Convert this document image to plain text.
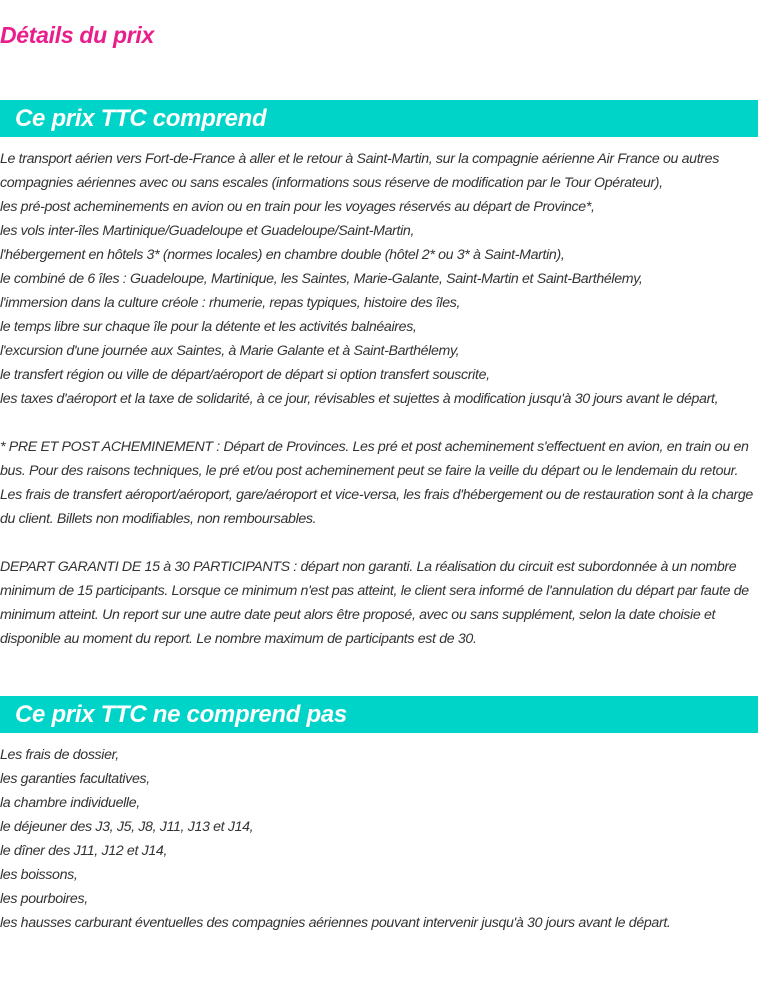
Détails du prix
Ce prix TTC comprend
Le transport aérien vers Fort-de-France à aller et le retour à Saint-Martin, sur la compagnie aérienne Air France ou autres compagnies aériennes avec ou sans escales (informations sous réserve de modification par le Tour Opérateur),
les pré-post acheminements en avion ou en train pour les voyages réservés au départ de Province*,
les vols inter-îles Martinique/Guadeloupe et Guadeloupe/Saint-Martin,
l'hébergement en hôtels 3* (normes locales) en chambre double (hôtel 2* ou 3* à Saint-Martin),
le combiné de 6 îles : Guadeloupe, Martinique, les Saintes, Marie-Galante, Saint-Martin et Saint-Barthélemy,
l'immersion dans la culture créole : rhumerie, repas typiques, histoire des îles,
le temps libre sur chaque île pour la détente et les activités balnéaires,
l'excursion d'une journée aux Saintes, à Marie Galante et à Saint-Barthélemy,
le transfert région ou ville de départ/aéroport de départ si option transfert souscrite,
les taxes d'aéroport et la taxe de solidarité, à ce jour, révisables et sujettes à modification jusqu'à 30 jours avant le départ,
* PRE ET POST ACHEMINEMENT : Départ de Provinces. Les pré et post acheminement s'effectuent en avion, en train ou en bus. Pour des raisons techniques, le pré et/ou post acheminement peut se faire la veille du départ ou le lendemain du retour. Les frais de transfert aéroport/aéroport, gare/aéroport et vice-versa, les frais d'hébergement ou de restauration sont à la charge du client. Billets non modifiables, non remboursables.
DEPART GARANTI DE 15 à 30 PARTICIPANTS : départ non garanti. La réalisation du circuit est subordonnée à un nombre minimum de 15 participants. Lorsque ce minimum n'est pas atteint, le client sera informé de l'annulation du départ par faute de minimum atteint. Un report sur une autre date peut alors être proposé, avec ou sans supplément, selon la date choisie et disponible au moment du report. Le nombre maximum de participants est de 30.
Ce prix TTC ne comprend pas
Les frais de dossier,
les garanties facultatives,
la chambre individuelle,
le déjeuner des J3, J5, J8, J11, J13 et J14,
le dîner des J11, J12 et J14,
les boissons,
les pourboires,
les hausses carburant éventuelles des compagnies aériennes pouvant intervenir jusqu'à 30 jours avant le départ.
